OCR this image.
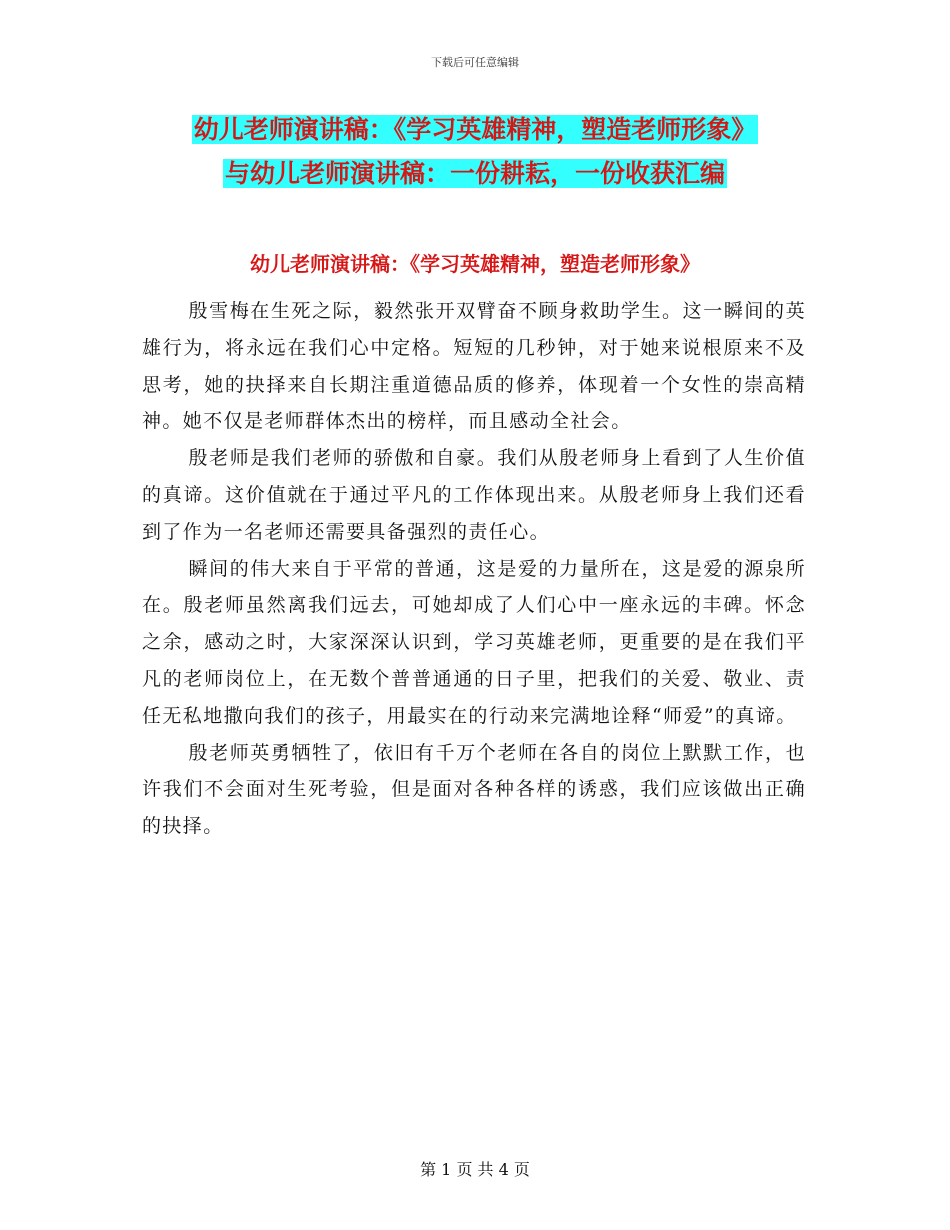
下载后可任意编辑
幼儿老师演讲稿：《学习英雄精神，塑造老师形象》
与幼儿老师演讲稿：一份耕耘，一份收获汇编
幼儿老师演讲稿：《学习英雄精神，塑造老师形象》

殷雪梅在生死之际，毅然张开双臂奋不顾身救助学生。这一瞬间的英雄行为，将永远在我们心中定格。短短的几秒钟，对于她来说根原来不及思考，她的抉择来自长期注重道德品质的修养，体现着一个女性的崇高精神。她不仅是老师群体杰出的榜样，而且感动全社会。

殷老师是我们老师的骄傲和自豪。我们从殷老师身上看到了人生价值的真谛。这价值就在于通过平凡的工作体现出来。从殷老师身上我们还看到了作为一名老师还需要具备强烈的责任心。

瞬间的伟大来自于平常的普通，这是爱的力量所在，这是爱的源泉所在。殷老师虽然离我们远去，可她却成了人们心中一座永远的丰碑。怀念之余，感动之时，大家深深认识到，学习英雄老师，更重要的是在我们平凡的老师岗位上，在无数个普普通通的日子里，把我们的关爱、敬业、责任无私地撒向我们的孩子，用最实在的行动来完满地诠释“师爱”的真谛。

殷老师英勇牺牲了，依旧有千万个老师在各自的岗位上默默工作，也许我们不会面对生死考验，但是面对各种各样的诱惑，我们应该做出正确的抉择。

第 1 页 共 4 页
